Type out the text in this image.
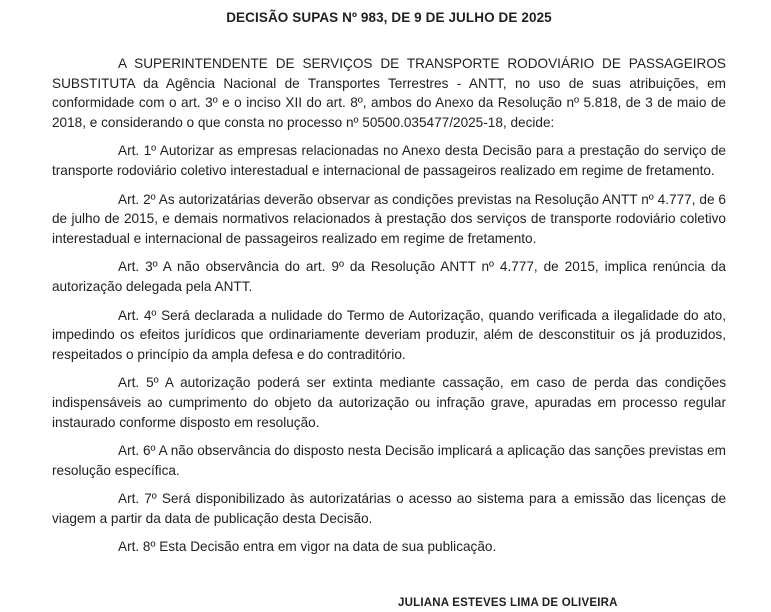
DECISÃO SUPAS Nº 983, DE 9 DE JULHO DE 2025

A SUPERINTENDENTE DE SERVIÇOS DE TRANSPORTE RODOVIÁRIO DE PASSAGEIROS SUBSTITUTA da Agência Nacional de Transportes Terrestres - ANTT, no uso de suas atribuições, em conformidade com o art. 3º e o inciso XII do art. 8º, ambos do Anexo da Resolução nº 5.818, de 3 de maio de 2018, e considerando o que consta no processo nº 50500.035477/2025-18, decide:

Art. 1º Autorizar as empresas relacionadas no Anexo desta Decisão para a prestação do serviço de transporte rodoviário coletivo interestadual e internacional de passageiros realizado em regime de fretamento.

Art. 2º As autorizatárias deverão observar as condições previstas na Resolução ANTT nº 4.777, de 6 de julho de 2015, e demais normativos relacionados à prestação dos serviços de transporte rodoviário coletivo interestadual e internacional de passageiros realizado em regime de fretamento.

Art. 3º A não observância do art. 9º da Resolução ANTT nº 4.777, de 2015, implica renúncia da autorização delegada pela ANTT.

Art. 4º Será declarada a nulidade do Termo de Autorização, quando verificada a ilegalidade do ato, impedindo os efeitos jurídicos que ordinariamente deveriam produzir, além de desconstituir os já produzidos, respeitados o princípio da ampla defesa e do contraditório.

Art. 5º A autorização poderá ser extinta mediante cassação, em caso de perda das condições indispensáveis ao cumprimento do objeto da autorização ou infração grave, apuradas em processo regular instaurado conforme disposto em resolução.

Art. 6º A não observância do disposto nesta Decisão implicará a aplicação das sanções previstas em resolução específica.

Art. 7º Será disponibilizado às autorizatárias o acesso ao sistema para a emissão das licenças de viagem a partir da data de publicação desta Decisão.

Art. 8º Esta Decisão entra em vigor na data de sua publicação.

JULIANA ESTEVES LIMA DE OLIVEIRA
